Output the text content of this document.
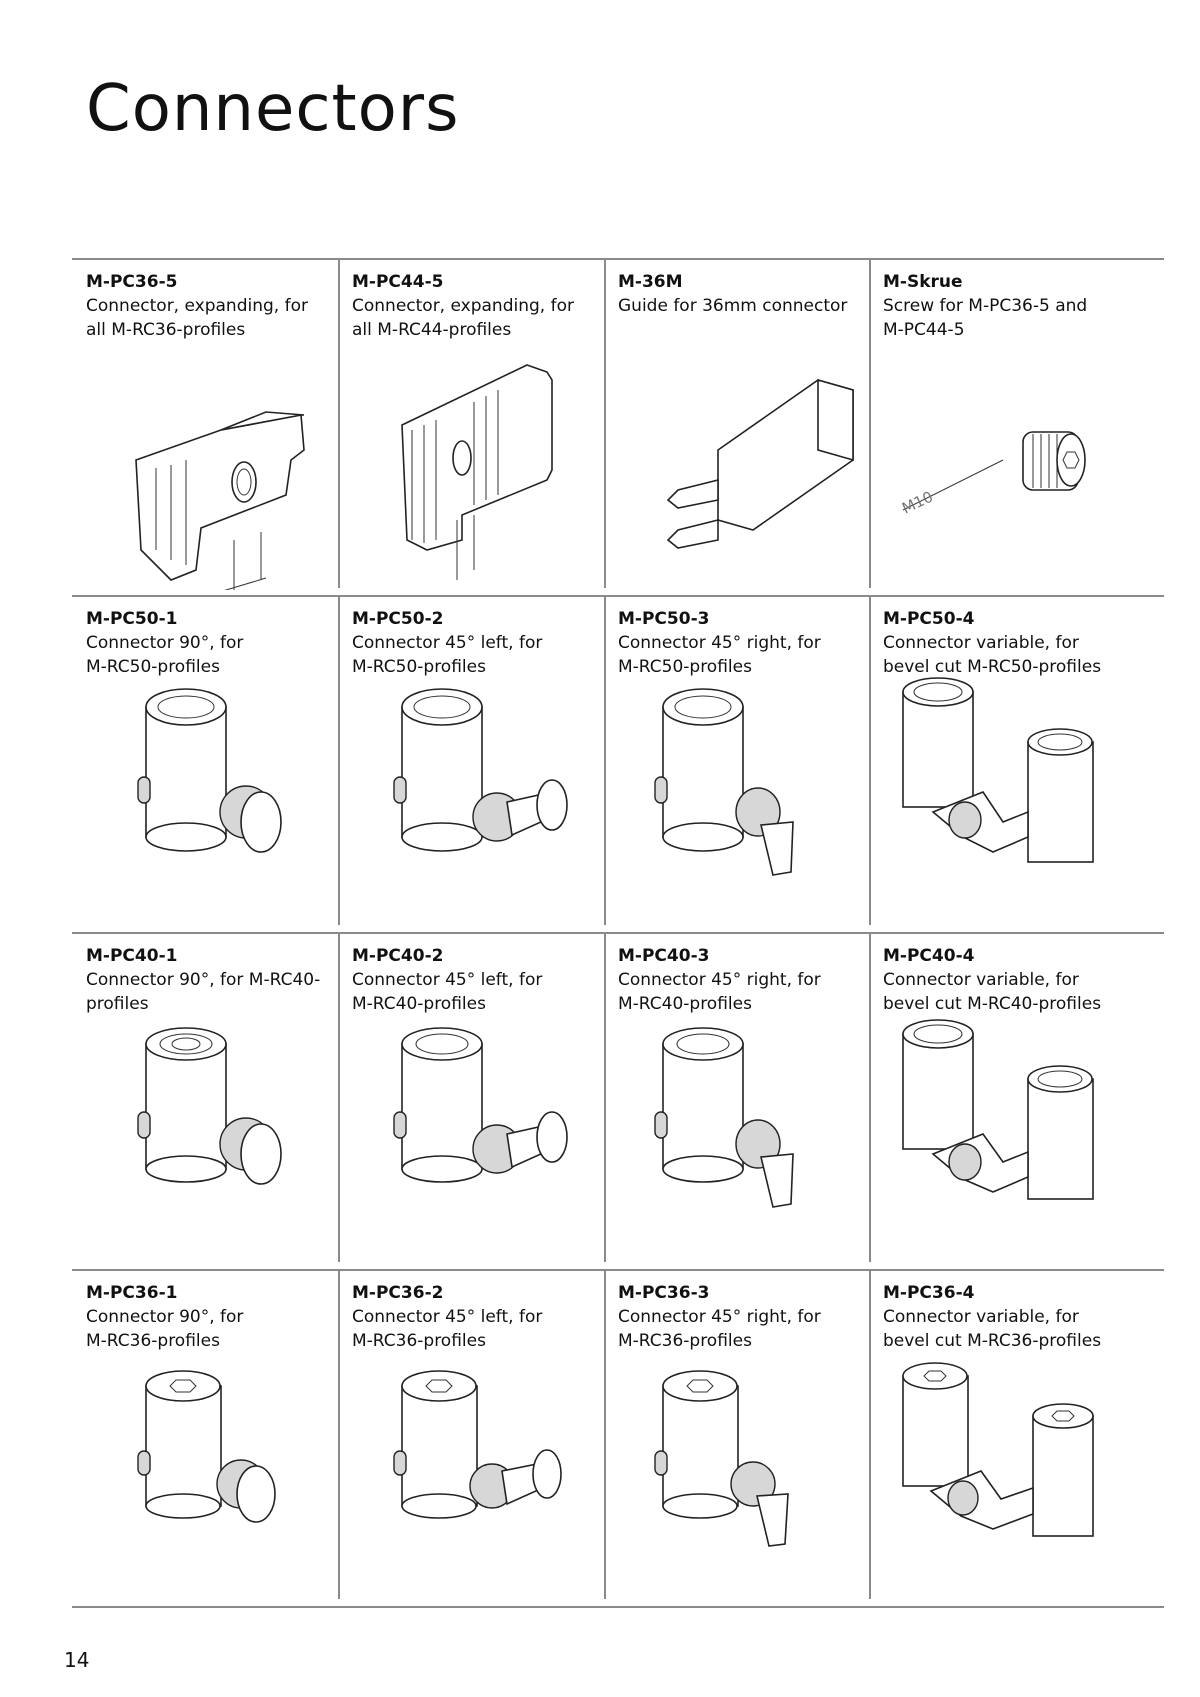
Connectors
M-PC36-5
Connector, expanding, for
all M-RC36-profiles
M-PC44-5
Connector, expanding, for
all M-RC44-profiles
M-36M
Guide for 36mm connector
M-Skrue
Screw for M-PC36-5 and
M-PC44-5
M10
M-PC50-1
Connector 90°, for
M-RC50-profiles
M-PC50-2
Connector 45° left, for
M-RC50-profiles
M-PC50-3
Connector 45° right, for
M-RC50-profiles
M-PC50-4
Connector variable, for
bevel cut M-RC50-profiles
M-PC40-1
Connector 90°, for M-RC40-
profiles
M-PC40-2
Connector 45° left, for
M-RC40-profiles
M-PC40-3
Connector 45° right, for
M-RC40-profiles
M-PC40-4
Connector variable, for
bevel cut M-RC40-profiles
M-PC36-1
Connector 90°, for
M-RC36-profiles
M-PC36-2
Connector 45° left, for
M-RC36-profiles
M-PC36-3
Connector 45° right, for
M-RC36-profiles
M-PC36-4
Connector variable, for
bevel cut M-RC36-profiles
14
